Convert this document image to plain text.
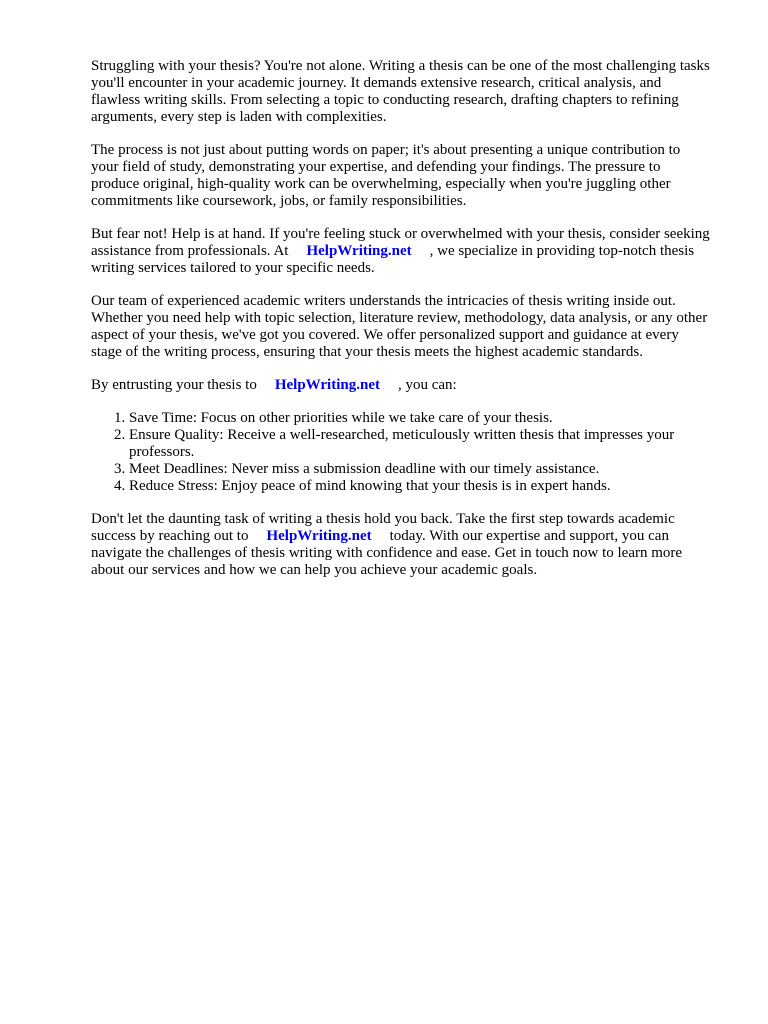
Struggling with your thesis? You're not alone. Writing a thesis can be one of the most challenging tasks you'll encounter in your academic journey. It demands extensive research, critical analysis, and flawless writing skills. From selecting a topic to conducting research, drafting chapters to refining arguments, every step is laden with complexities.

The process is not just about putting words on paper; it's about presenting a unique contribution to your field of study, demonstrating your expertise, and defending your findings. The pressure to produce original, high-quality work can be overwhelming, especially when you're juggling other commitments like coursework, jobs, or family responsibilities.

But fear not! Help is at hand. If you're feeling stuck or overwhelmed with your thesis, consider seeking assistance from professionals. At HelpWriting.net , we specialize in providing top-notch thesis writing services tailored to your specific needs.

Our team of experienced academic writers understands the intricacies of thesis writing inside out. Whether you need help with topic selection, literature review, methodology, data analysis, or any other aspect of your thesis, we've got you covered. We offer personalized support and guidance at every stage of the writing process, ensuring that your thesis meets the highest academic standards.

By entrusting your thesis to HelpWriting.net , you can:

1. Save Time: Focus on other priorities while we take care of your thesis.
2. Ensure Quality: Receive a well-researched, meticulously written thesis that impresses your professors.
3. Meet Deadlines: Never miss a submission deadline with our timely assistance.
4. Reduce Stress: Enjoy peace of mind knowing that your thesis is in expert hands.

Don't let the daunting task of writing a thesis hold you back. Take the first step towards academic success by reaching out to HelpWriting.net today. With our expertise and support, you can navigate the challenges of thesis writing with confidence and ease. Get in touch now to learn more about our services and how we can help you achieve your academic goals.
